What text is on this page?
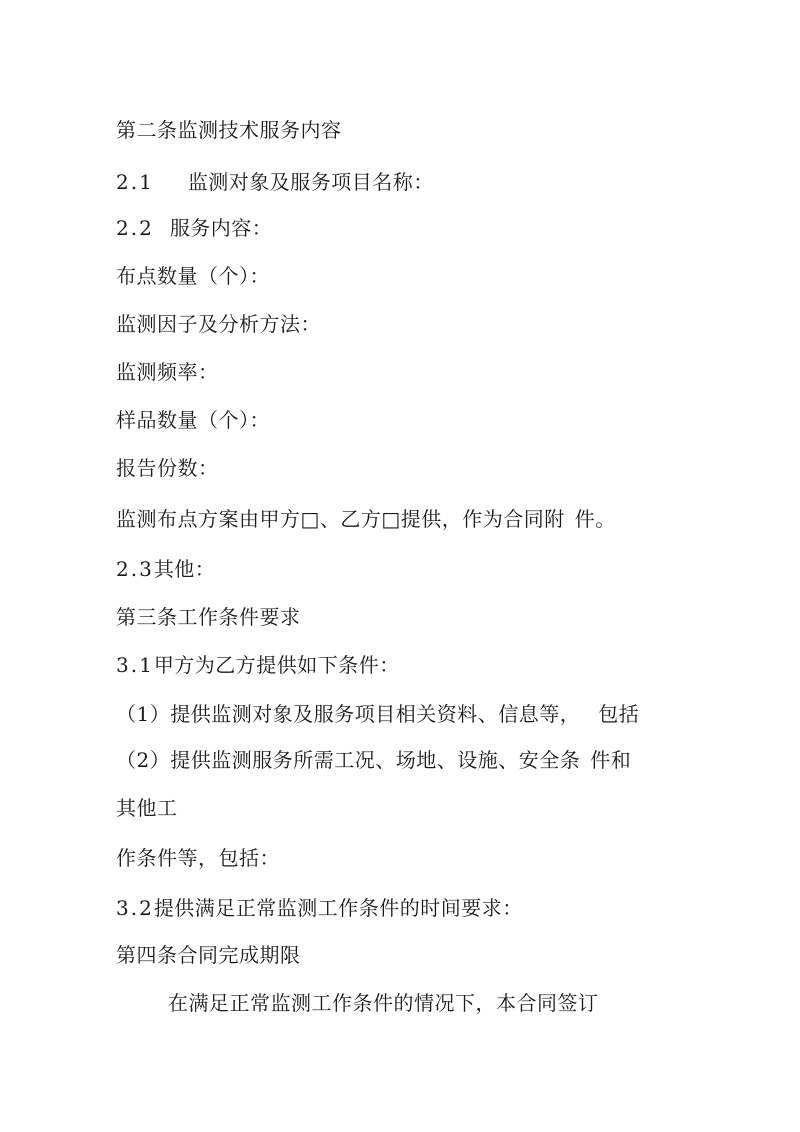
第二条监测技术服务内容
2.1 监测对象及服务项目名称：
2.2 服务内容：
布点数量（个）：
监测因子及分析方法：
监测频率：
样品数量（个）：
报告份数：
监测布点方案由甲方□、乙方□提供，作为合同附 件。
2.3其他：
第三条工作条件要求
3.1甲方为乙方提供如下条件：
（1）提供监测对象及服务项目相关资料、信息等， 包括
（2）提供监测服务所需工况、场地、设施、安全条 件和
其他工
作条件等，包括：
3.2提供满足正常监测工作条件的时间要求：
第四条合同完成期限
在满足正常监测工作条件的情况下，本合同签订
